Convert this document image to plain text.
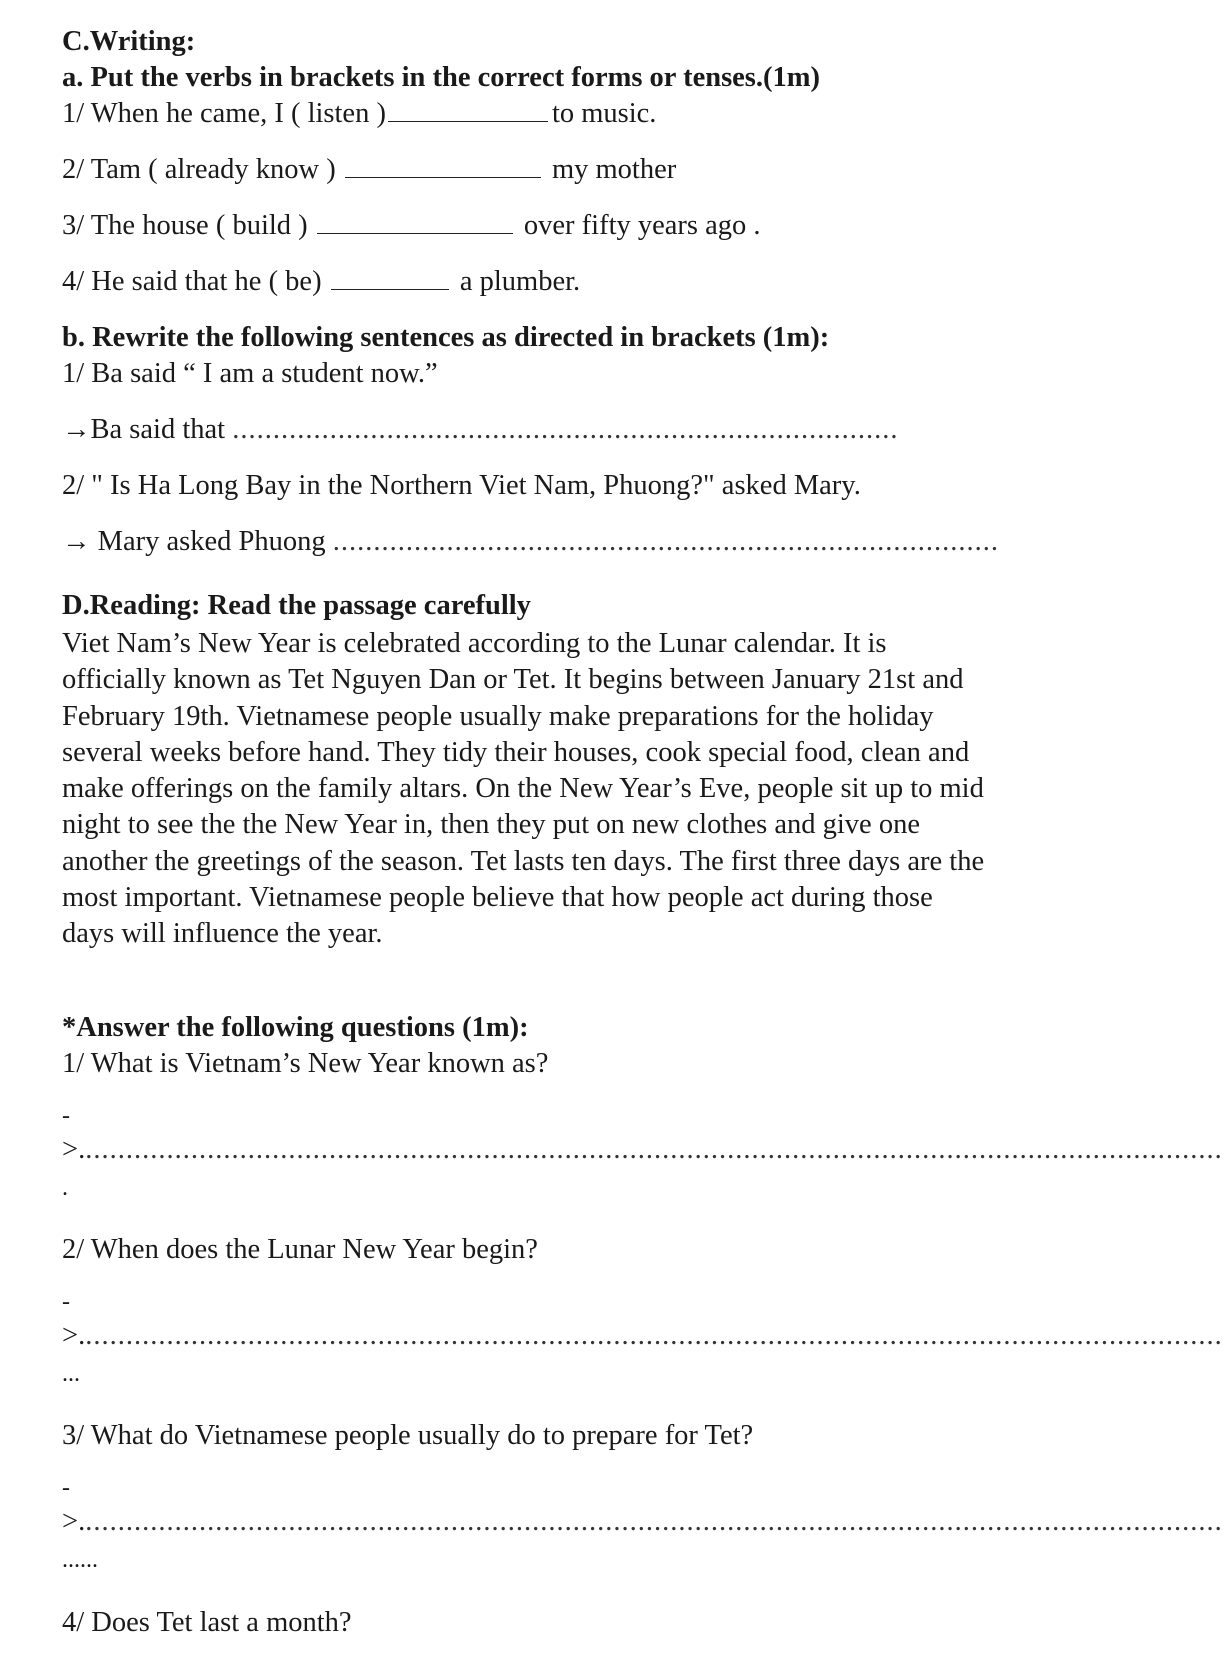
C.Writing:
a. Put the verbs in brackets in the correct forms or tenses.(1m)
1/ When he came, I ( listen )	to music.
2/ Tam ( already know )	my mother
3/ The house ( build )	over fifty years ago .
4/ He said that he ( be)	a plumber.
b. Rewrite the following sentences as directed in brackets (1m):
1/ Ba said “ I am a student now.”
→Ba said that ..................................................................................
2/ " Is Ha Long Bay in the Northern Viet Nam, Phuong?" asked Mary.
→ Mary asked Phuong ..................................................................................
D.Reading: Read the passage carefully

Viet Nam’s New Year is celebrated according to the Lunar calendar. It is officially known as Tet Nguyen Dan or Tet. It begins between January 21st and February 19th. Vietnamese people usually make preparations for the holiday several weeks before hand. They tidy their houses, cook special food, clean and make offerings on the family altars. On the New Year’s Eve, people sit up to mid night to see the the New Year in, then they put on new clothes and give one another the greetings of the season. Tet lasts ten days. The first three days are the most important. Vietnamese people believe that how people act during those days will influence the year.

*Answer the following questions (1m):
1/ What is Vietnam’s New Year known as?
-
>.............................................................................................................................................
.
2/ When does the Lunar New Year begin?
-
>.............................................................................................................................................
...
3/ What do Vietnamese people usually do to prepare for Tet?
-
>.............................................................................................................................................
......
4/ Does Tet last a month?
